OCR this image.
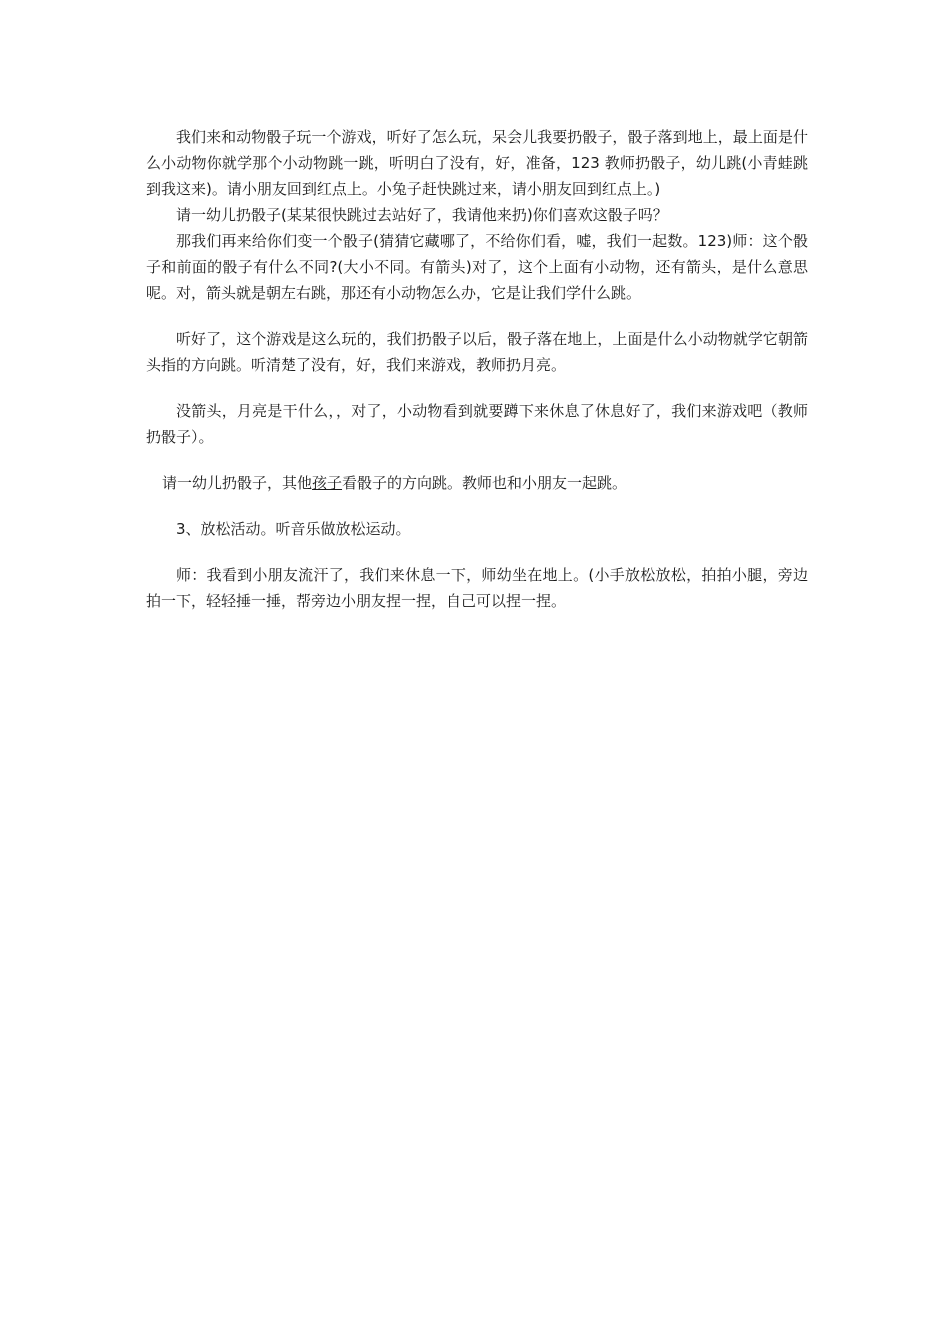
我们来和动物骰子玩一个游戏，听好了怎么玩，呆会儿我要扔骰子，骰子落到地上，最上面是什么小动物你就学那个小动物跳一跳，听明白了没有，好，准备，123 教师扔骰子，幼儿跳(小青蛙跳到我这来)。请小朋友回到红点上。小兔子赶快跳过来，请小朋友回到红点上。)

请一幼儿扔骰子(某某很快跳过去站好了，我请他来扔)你们喜欢这骰子吗？

那我们再来给你们变一个骰子(猜猜它藏哪了，不给你们看，嘘，我们一起数。123)师：这个骰子和前面的骰子有什么不同?(大小不同。有箭头)对了，这个上面有小动物，还有箭头，是什么意思呢。对，箭头就是朝左右跳，那还有小动物怎么办，它是让我们学什么跳。

听好了，这个游戏是这么玩的，我们扔骰子以后，骰子落在地上，上面是什么小动物就学它朝箭头指的方向跳。听清楚了没有，好，我们来游戏，教师扔月亮。

没箭头，月亮是干什么，，对了，小动物看到就要蹲下来休息了休息好了，我们来游戏吧（教师扔骰子）。

请一幼儿扔骰子，其他孩子看骰子的方向跳。教师也和小朋友一起跳。

3、放松活动。听音乐做放松运动。

师：我看到小朋友流汗了，我们来休息一下，师幼坐在地上。(小手放松放松，拍拍小腿，旁边拍一下，轻轻捶一捶，帮旁边小朋友捏一捏，自己可以捏一捏。
